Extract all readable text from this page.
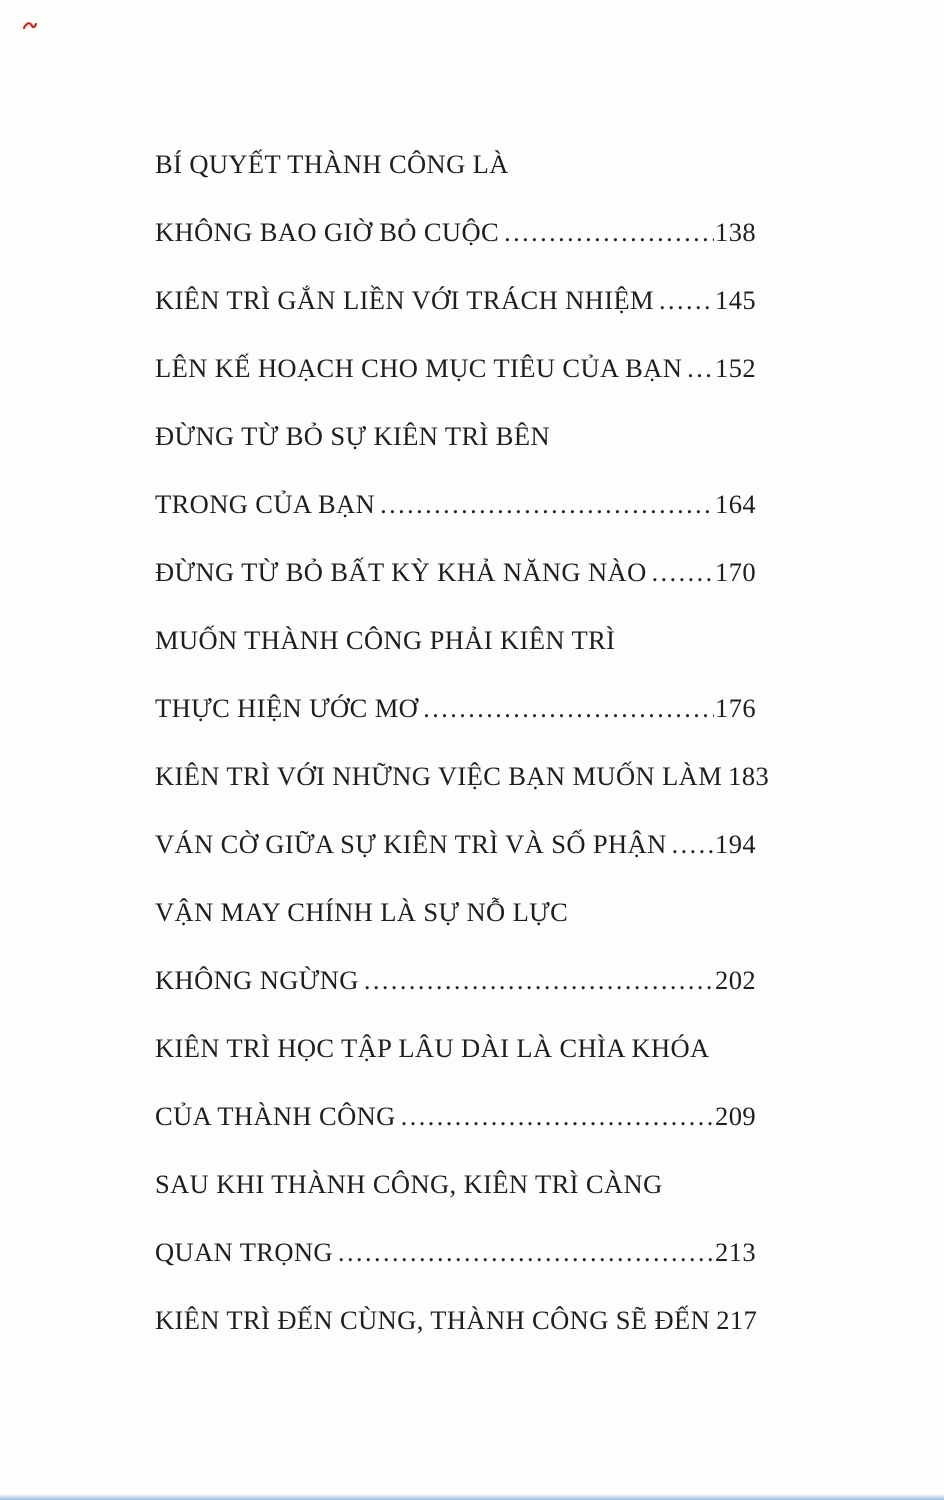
BÍ QUYẾT THÀNH CÔNG LÀ
KHÔNG BAO GIỜ BỎ CUỘC .....	138
KIÊN TRÌ GẮN LIỀN VỚI TRÁCH NHIỆM ..... 145
LÊN KẾ HOẠCH CHO MỤC TIÊU CỦA BẠN ..... 152
ĐỪNG TỪ BỎ SỰ KIÊN TRÌ BÊN
TRONG CỦA BẠN .....	164
ĐỪNG TỪ BỎ BẤT KỲ KHẢ NĂNG NÀO .....	170
MUỐN THÀNH CÔNG PHẢI KIÊN TRÌ
THỰC HIỆN ƯỚC MƠ .....	176
KIÊN TRÌ VỚI NHỮNG VIỆC BẠN MUỐN LÀM 183
VÁN CỜ GIỮA SỰ KIÊN TRÌ VÀ SỐ PHẬN ..... 194
VẬN MAY CHÍNH LÀ SỰ NỖ LỰC
KHÔNG NGỪNG .....	202
KIÊN TRÌ HỌC TẬP LÂU DÀI LÀ CHÌA KHÓA
CỦA THÀNH CÔNG .....	209
SAU KHI THÀNH CÔNG, KIÊN TRÌ CÀNG
QUAN TRỌNG .....	213
KIÊN TRÌ ĐẾN CÙNG, THÀNH CÔNG SẼ ĐẾN 217
